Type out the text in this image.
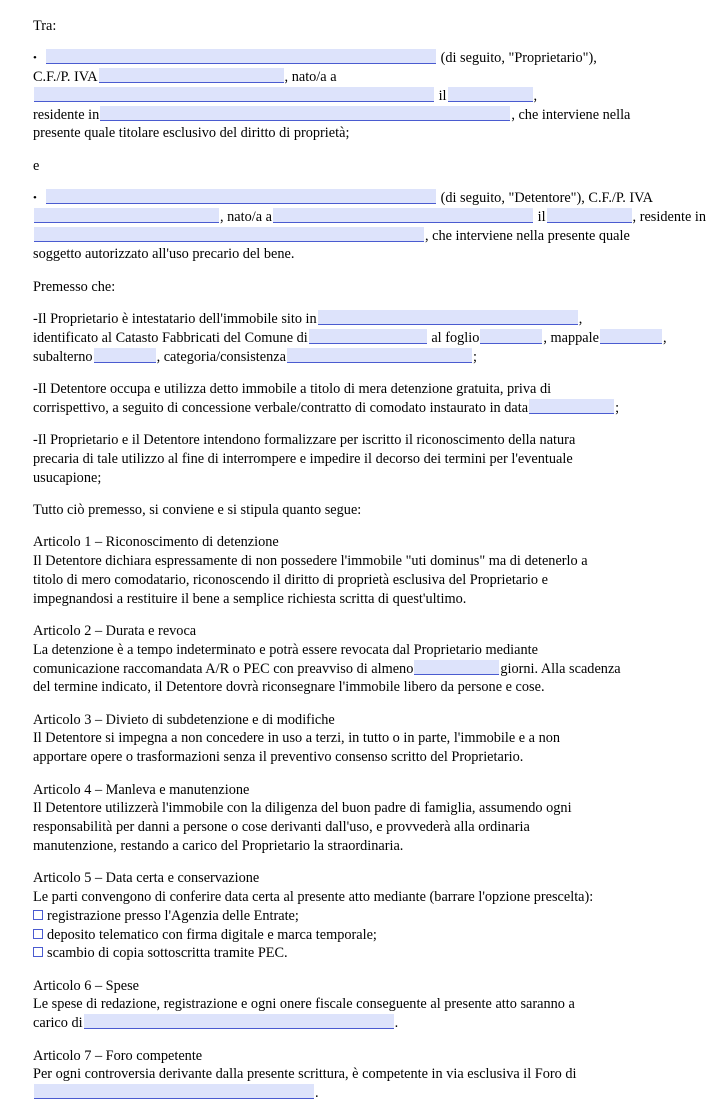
Tra:

•	(di seguito, "Proprietario"),
C.F./P. IVA	, nato/a a il	,
residente in	, che interviene nella
presente quale titolare esclusivo del diritto di proprietà;

e

•	(di seguito, "Detentore"), C.F./P. IVA
, nato/a a	il	, residente in
, che interviene nella presente quale
soggetto autorizzato all'uso precario del bene.

Premesso che:

-Il Proprietario è intestatario dell'immobile sito in	,
identificato al Catasto Fabbricati del Comune di	al foglio	, mappale	,
subalterno	, categoria/consistenza	;
-Il Detentore occupa e utilizza detto immobile a titolo di mera detenzione gratuita, priva di
corrispettivo, a seguito di concessione verbale/contratto di comodato instaurato in data	;
-Il Proprietario e il Detentore intendono formalizzare per iscritto il riconoscimento della natura
precaria di tale utilizzo al fine di interrompere e impedire il decorso dei termini per l'eventuale
usucapione;

Tutto ciò premesso, si conviene e si stipula quanto segue:

Articolo 1 – Riconoscimento di detenzione
Il Detentore dichiara espressamente di non possedere l'immobile "uti dominus" ma di detenerlo a
titolo di mero comodatario, riconoscendo il diritto di proprietà esclusiva del Proprietario e
impegnandosi a restituire il bene a semplice richiesta scritta di quest'ultimo.
Articolo 2 – Durata e revoca
La detenzione è a tempo indeterminato e potrà essere revocata dal Proprietario mediante
comunicazione raccomandata A/R o PEC con preavviso di almeno	giorni. Alla scadenza
del termine indicato, il Detentore dovrà riconsegnare l'immobile libero da persone e cose.
Articolo 3 – Divieto di subdetenzione e di modifiche
Il Detentore si impegna a non concedere in uso a terzi, in tutto o in parte, l'immobile e a non
apportare opere o trasformazioni senza il preventivo consenso scritto del Proprietario.
Articolo 4 – Manleva e manutenzione
Il Detentore utilizzerà l'immobile con la diligenza del buon padre di famiglia, assumendo ogni
responsabilità per danni a persone o cose derivanti dall'uso, e provvederà alla ordinaria
manutenzione, restando a carico del Proprietario la straordinaria.
Articolo 5 – Data certa e conservazione
Le parti convengono di conferire data certa al presente atto mediante (barrare l'opzione prescelta):
registrazione presso l'Agenzia delle Entrate;
deposito telematico con firma digitale e marca temporale;
scambio di copia sottoscritta tramite PEC.
Articolo 6 – Spese
Le spese di redazione, registrazione e ogni onere fiscale conseguente al presente atto saranno a
carico di	.
Articolo 7 – Foro competente
Per ogni controversia derivante dalla presente scrittura, è competente in via esclusiva il Foro di
.
